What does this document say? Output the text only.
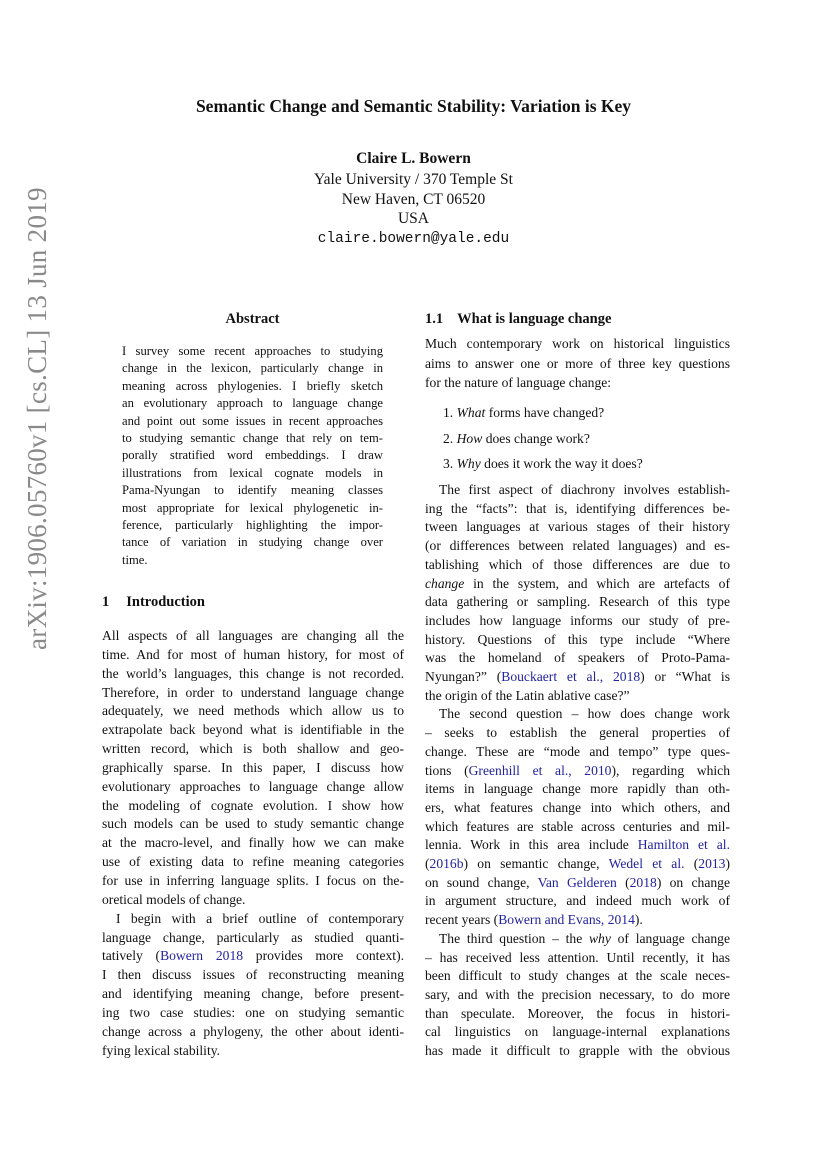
arXiv:1906.05760v1 [cs.CL] 13 Jun 2019
Semantic Change and Semantic Stability: Variation is Key
Claire L. Bowern
Yale University / 370 Temple St
New Haven, CT 06520
USA
claire.bowern@yale.edu
Abstract
I survey some recent approaches to studying
change in the lexicon, particularly change in
meaning across phylogenies. I briefly sketch
an evolutionary approach to language change
and point out some issues in recent approaches
to studying semantic change that rely on tem-
porally stratified word embeddings. I draw
illustrations from lexical cognate models in
Pama-Nyungan to identify meaning classes
most appropriate for lexical phylogenetic in-
ference, particularly highlighting the impor-
tance of variation in studying change over
time.
1 Introduction
All aspects of all languages are changing all the
time. And for most of human history, for most of
the world’s languages, this change is not recorded.
Therefore, in order to understand language change
adequately, we need methods which allow us to
extrapolate back beyond what is identifiable in the
written record, which is both shallow and geo-
graphically sparse. In this paper, I discuss how
evolutionary approaches to language change allow
the modeling of cognate evolution. I show how
such models can be used to study semantic change
at the macro-level, and finally how we can make
use of existing data to refine meaning categories
for use in inferring language splits. I focus on the-
oretical models of change.
I begin with a brief outline of contemporary
language change, particularly as studied quanti-
tatively (Bowern 2018 provides more context).
I then discuss issues of reconstructing meaning
and identifying meaning change, before present-
ing two case studies: one on studying semantic
change across a phylogeny, the other about identi-
fying lexical stability.
1.1 What is language change
Much contemporary work on historical linguistics
aims to answer one or more of three key questions
for the nature of language change:
1. What forms have changed?
2. How does change work?
3. Why does it work the way it does?
The first aspect of diachrony involves establish-
ing the “facts”: that is, identifying differences be-
tween languages at various stages of their history
(or differences between related languages) and es-
tablishing which of those differences are due to
change in the system, and which are artefacts of
data gathering or sampling. Research of this type
includes how language informs our study of pre-
history. Questions of this type include “Where
was the homeland of speakers of Proto-Pama-
Nyungan?” (Bouckaert et al., 2018) or “What is
the origin of the Latin ablative case?”
The second question – how does change work
– seeks to establish the general properties of
change. These are “mode and tempo” type ques-
tions (Greenhill et al., 2010), regarding which
items in language change more rapidly than oth-
ers, what features change into which others, and
which features are stable across centuries and mil-
lennia. Work in this area include Hamilton et al.
(2016b) on semantic change, Wedel et al. (2013)
on sound change, Van Gelderen (2018) on change
in argument structure, and indeed much work of
recent years (Bowern and Evans, 2014).
The third question – the why of language change
– has received less attention. Until recently, it has
been difficult to study changes at the scale neces-
sary, and with the precision necessary, to do more
than speculate. Moreover, the focus in histori-
cal linguistics on language-internal explanations
has made it difficult to grapple with the obvious
